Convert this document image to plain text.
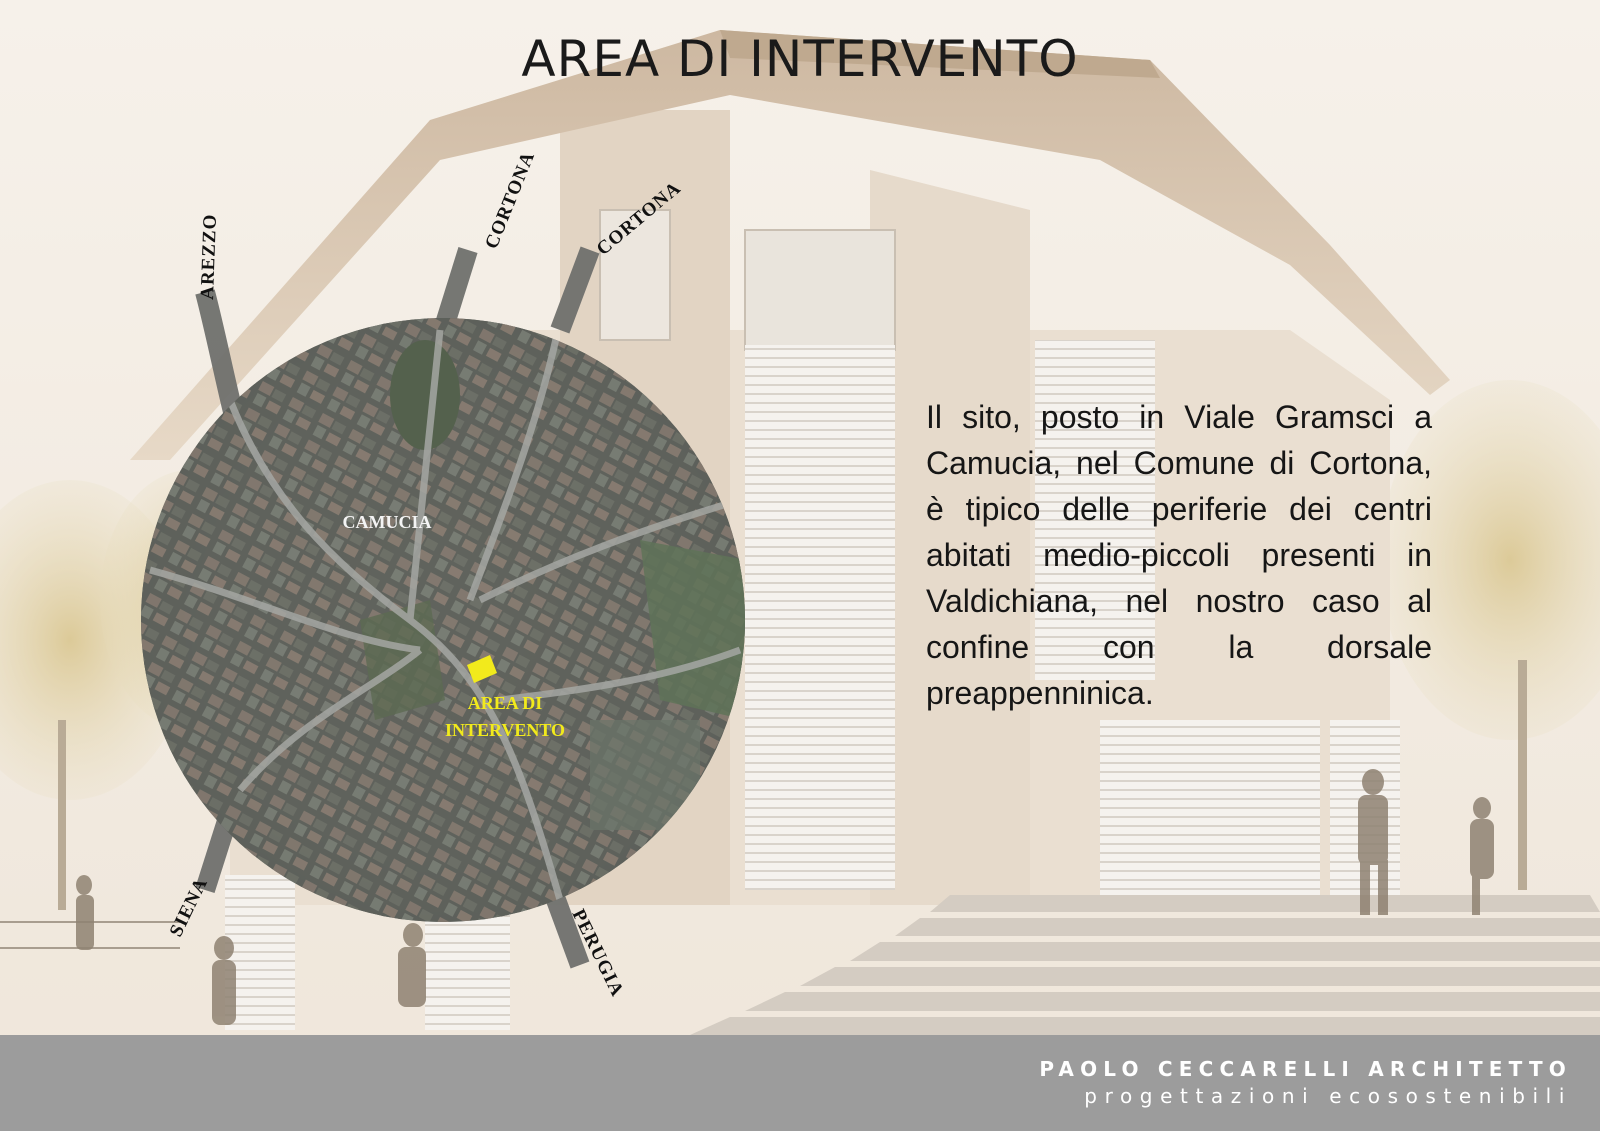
AREA DI INTERVENTO
AREZZO
CORTONA	CORTONA
SIENA	PERUGIA
CAMUCIA
AREA DI
INTERVENTO
Il sito, posto in Viale Gramsci a Camucia, nel Comune di Cortona, è tipico delle periferie dei centri abitati medio-piccoli presenti in Valdichiana, nel nostro caso al confine con la dorsale preappenninica.
PAOLO CECCARELLI ARCHITETTO
progettazioni ecosostenibili
